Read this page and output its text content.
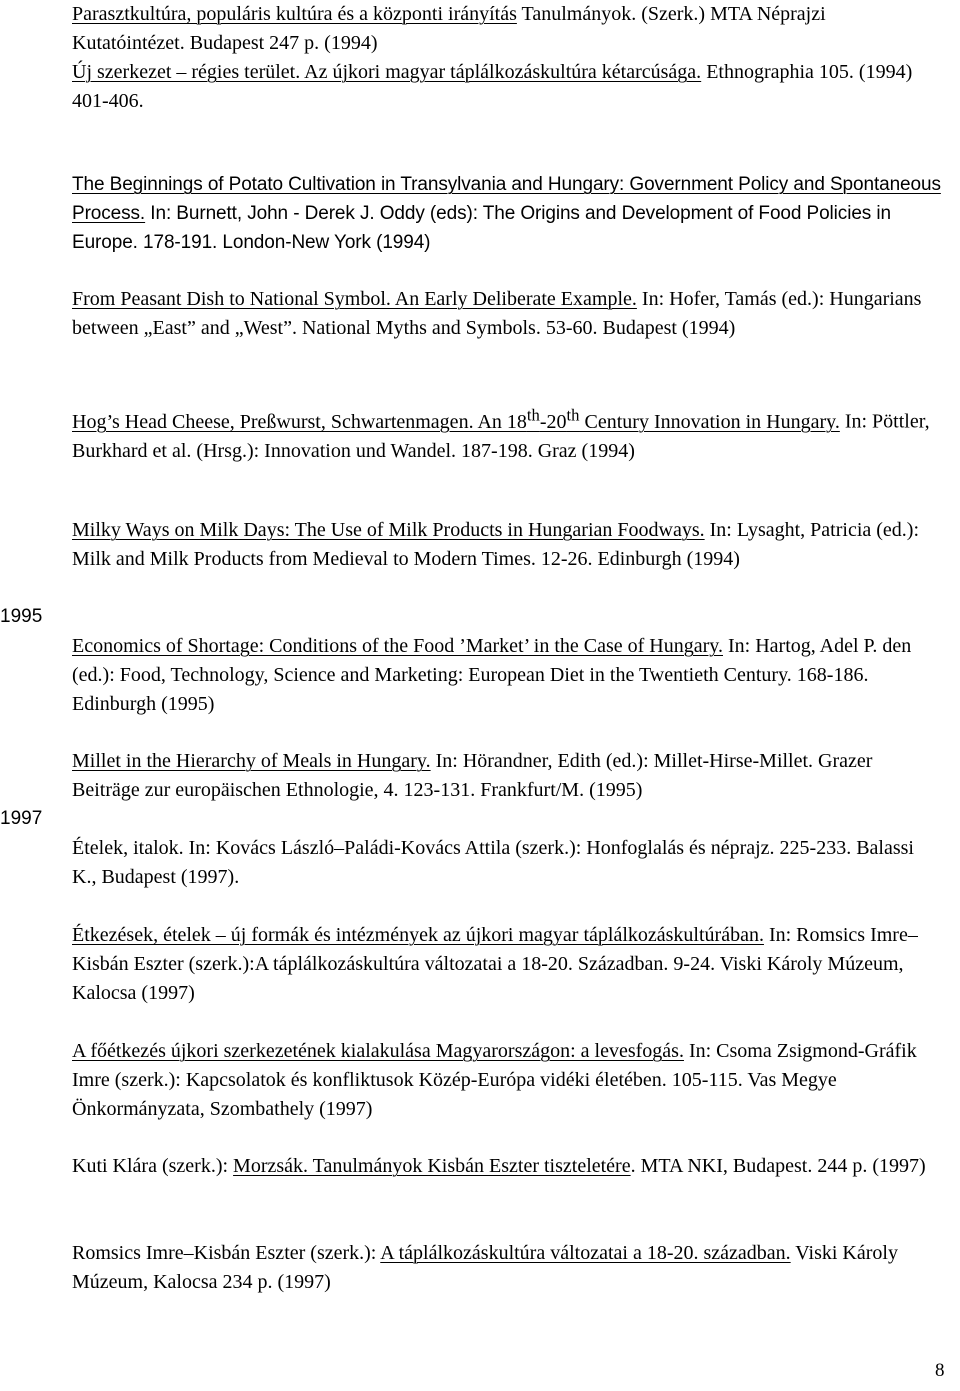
1995
1997
Parasztkultúra, populáris kultúra és a központi irányítás Tanulmányok. (Szerk.) MTA Néprajzi Kutatóintézet. Budapest 247 p. (1994)
Új szerkezet – régies terület. Az újkori magyar táplálkozáskultúra kétarcúsága. Ethnographia 105. (1994) 401-406.
The Beginnings of Potato Cultivation in Transylvania and Hungary: Government Policy and Spontaneous Process. In: Burnett, John - Derek J. Oddy (eds): The Origins and Development of Food Policies in Europe. 178-191. London-New York (1994)
From Peasant Dish to National Symbol. An Early Deliberate Example. In: Hofer, Tamás (ed.): Hungarians between „East” and „West”. National Myths and Symbols. 53-60. Budapest (1994)
Hog’s Head Cheese, Preßwurst, Schwartenmagen. An 18th-20th Century Innovation in Hungary. In: Pöttler, Burkhard et al. (Hrsg.): Innovation und Wandel. 187-198. Graz (1994)
Milky Ways on Milk Days: The Use of Milk Products in Hungarian Foodways. In: Lysaght, Patricia (ed.): Milk and Milk Products from Medieval to Modern Times. 12-26. Edinburgh (1994)
Economics of Shortage: Conditions of the Food ’Market’ in the Case of Hungary. In: Hartog, Adel P. den (ed.): Food, Technology, Science and Marketing: European Diet in the Twentieth Century. 168-186. Edinburgh (1995)
Millet in the Hierarchy of Meals in Hungary. In: Hörandner, Edith (ed.): Millet-Hirse-Millet. Grazer Beiträge zur europäischen Ethnologie, 4. 123-131. Frankfurt/M. (1995)
Ételek, italok. In: Kovács László–Paládi-Kovács Attila (szerk.): Honfoglalás és néprajz. 225-233. Balassi K., Budapest (1997).
Étkezések, ételek – új formák és intézmények az újkori magyar táplálkozáskultúrában. In: Romsics Imre–Kisbán Eszter (szerk.):A táplálkozáskultúra változatai a 18-20. Században. 9-24. Viski Károly Múzeum, Kalocsa (1997)
A főétkezés újkori szerkezetének kialakulása Magyarországon: a levesfogás. In: Csoma Zsigmond-Gráfik Imre (szerk.): Kapcsolatok és konfliktusok Közép-Európa vidéki életében. 105-115. Vas Megye Önkormányzata, Szombathely (1997)
Kuti Klára (szerk.): Morzsák. Tanulmányok Kisbán Eszter tiszteletére. MTA NKI, Budapest. 244 p. (1997)
Romsics Imre–Kisbán Eszter (szerk.): A táplálkozáskultúra változatai a 18-20. században. Viski Károly Múzeum, Kalocsa 234 p. (1997)
8
